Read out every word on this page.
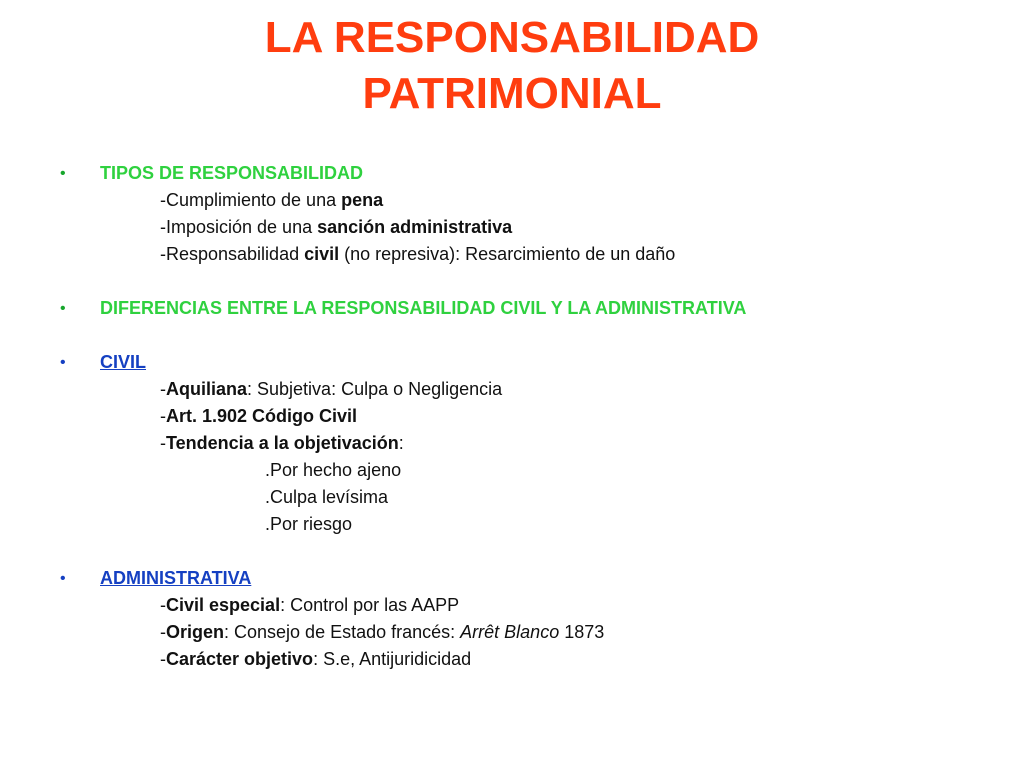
LA RESPONSABILIDAD
PATRIMONIAL
• TIPOS DE RESPONSABILIDAD
-Cumplimiento de una pena
-Imposición de una sanción administrativa
-Responsabilidad civil (no represiva): Resarcimiento de un daño
• DIFERENCIAS ENTRE LA RESPONSABILIDAD CIVIL Y LA ADMINISTRATIVA
• CIVIL
-Aquiliana: Subjetiva: Culpa o Negligencia
-Art. 1.902 Código Civil
-Tendencia a la objetivación:
.Por hecho ajeno
.Culpa levísima
.Por riesgo
• ADMINISTRATIVA
-Civil especial: Control por las AAPP
-Origen: Consejo de Estado francés: Arrêt Blanco 1873
-Carácter objetivo: S.e, Antijuridicidad
